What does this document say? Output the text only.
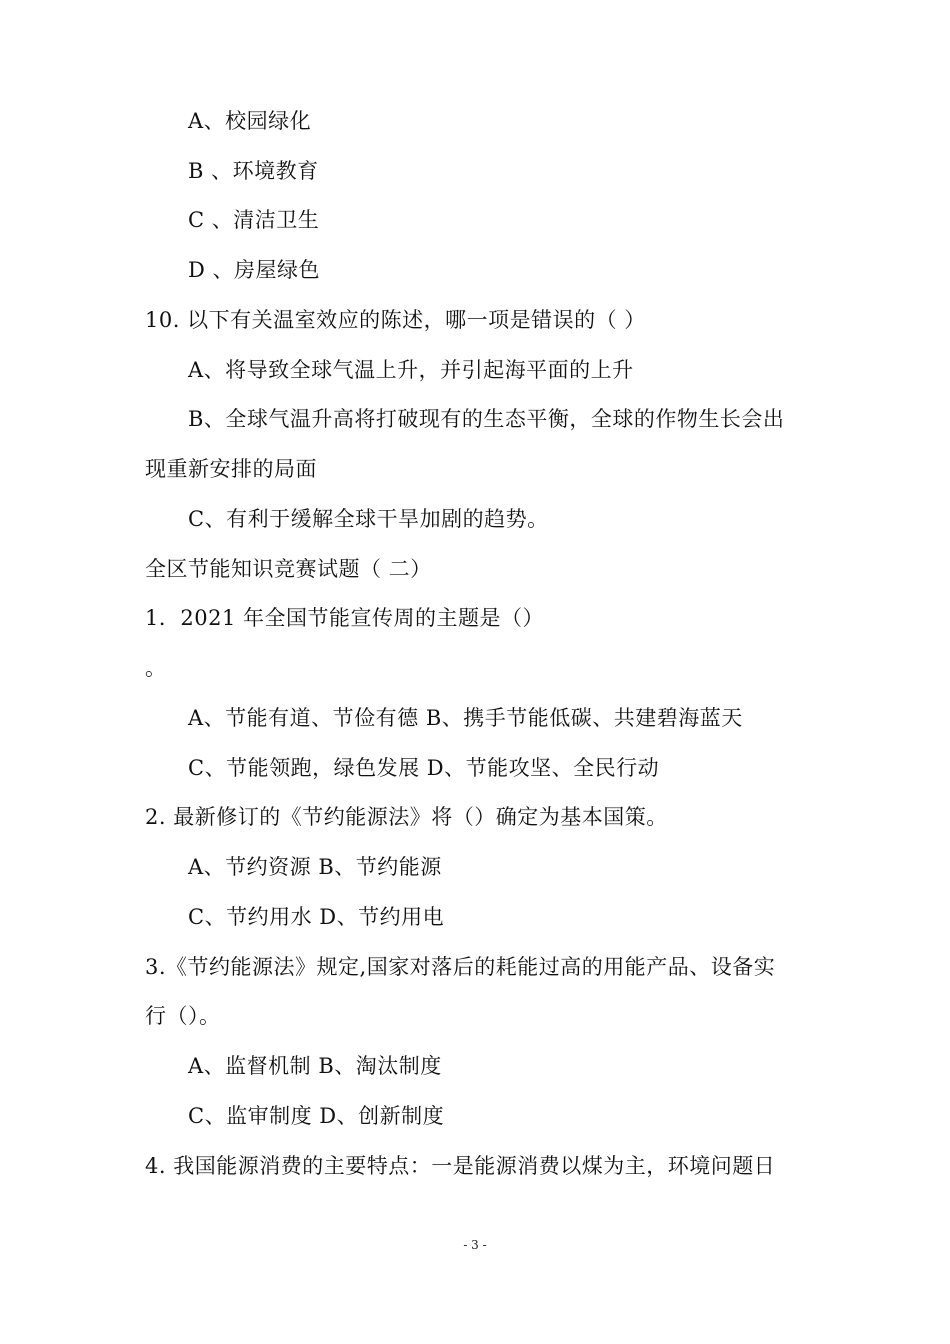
A、校园绿化
B 、环境教育
C 、清洁卫生
D 、房屋绿色
10. 以下有关温室效应的陈述，哪一项是错误的（ ）
A、将导致全球气温上升，并引起海平面的上升
B、全球气温升高将打破现有的生态平衡，全球的作物生长会出
现重新安排的局面
C、有利于缓解全球干旱加剧的趋势。
全区节能知识竞赛试题（ 二）
1．2021 年全国节能宣传周的主题是（）
。
A、节能有道、节俭有德 B、携手节能低碳、共建碧海蓝天
C、节能领跑，绿色发展 D、节能攻坚、全民行动
2. 最新修订的《节约能源法》将（）确定为基本国策。
A、节约资源 B、节约能源
C、节约用水 D、节约用电
3.《节约能源法》规定,国家对落后的耗能过高的用能产品、设备实
行（）。
A、监督机制 B、淘汰制度
C、监审制度 D、创新制度
4. 我国能源消费的主要特点：一是能源消费以煤为主，环境问题日
- 3 -
